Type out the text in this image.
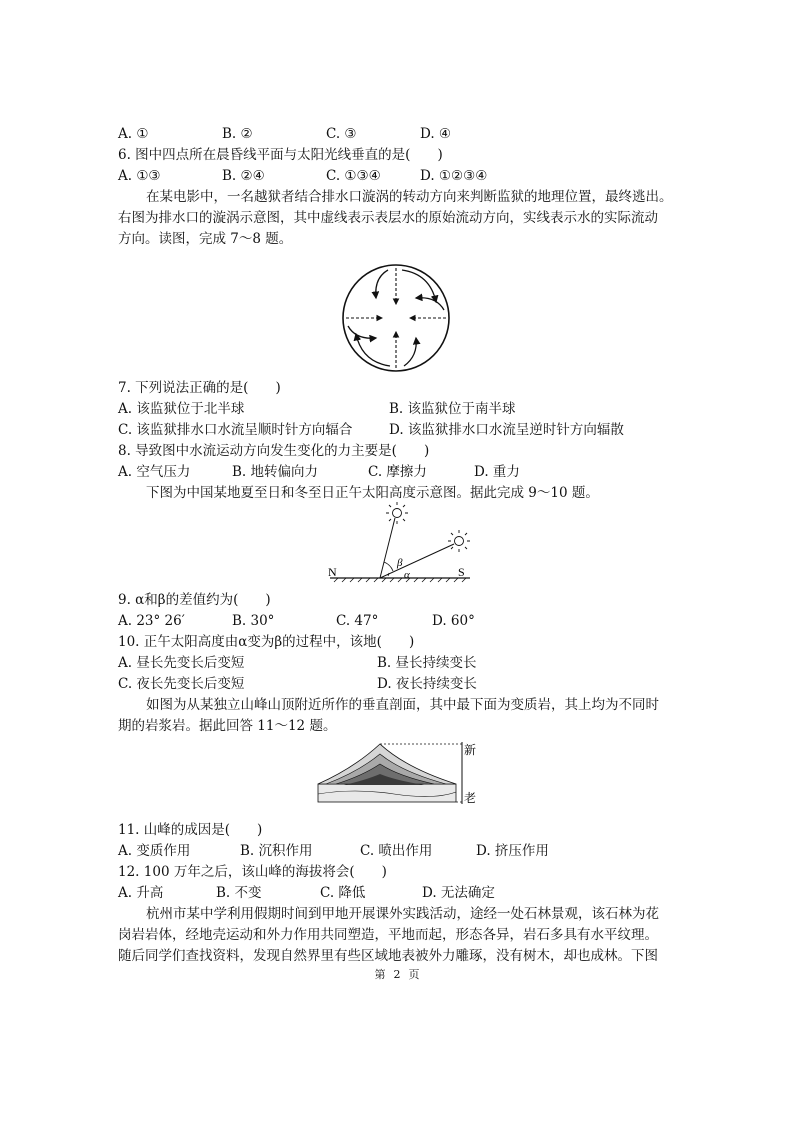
A. ①	B. ②	C. ③	D. ④
6. 图中四点所在晨昏线平面与太阳光线垂直的是(　　)
A. ①③	B. ②④	C. ①③④	D. ①②③④
在某电影中，一名越狱者结合排水口漩涡的转动方向来判断监狱的地理位置，最终逃出。
右图为排水口的漩涡示意图，其中虚线表示表层水的原始流动方向，实线表示水的实际流动
方向。读图，完成 7～8 题。
7. 下列说法正确的是(　　)
A. 该监狱位于北半球	B. 该监狱位于南半球
C. 该监狱排水口水流呈顺时针方向辐合	D. 该监狱排水口水流呈逆时针方向辐散
8. 导致图中水流运动方向发生变化的力主要是(　　)
A. 空气压力	B. 地转偏向力	C. 摩擦力	D. 重力
下图为中国某地夏至日和冬至日正午太阳高度示意图。据此完成 9～10 题。
N	S
α
β
9. α和β的差值约为(　　)
A. 23° 26′	B. 30°	C. 47°	D. 60°
10. 正午太阳高度由α变为β的过程中，该地(　　)
A. 昼长先变长后变短	B. 昼长持续变长
C. 夜长先变长后变短	D. 夜长持续变长
如图为从某独立山峰山顶附近所作的垂直剖面，其中最下面为变质岩，其上均为不同时
期的岩浆岩。据此回答 11～12 题。
新
老
11. 山峰的成因是(　　)
A. 变质作用	B. 沉积作用	C. 喷出作用	D. 挤压作用
12. 100 万年之后，该山峰的海拔将会(　　)
A. 升高	B. 不变	C. 降低	D. 无法确定
杭州市某中学利用假期时间到甲地开展课外实践活动，途经一处石林景观，该石林为花
岗岩岩体，经地壳运动和外力作用共同塑造，平地而起，形态各异，岩石多具有水平纹理。
随后同学们查找资料，发现自然界里有些区域地表被外力雕琢，没有树木，却也成林。下图
第 2 页
